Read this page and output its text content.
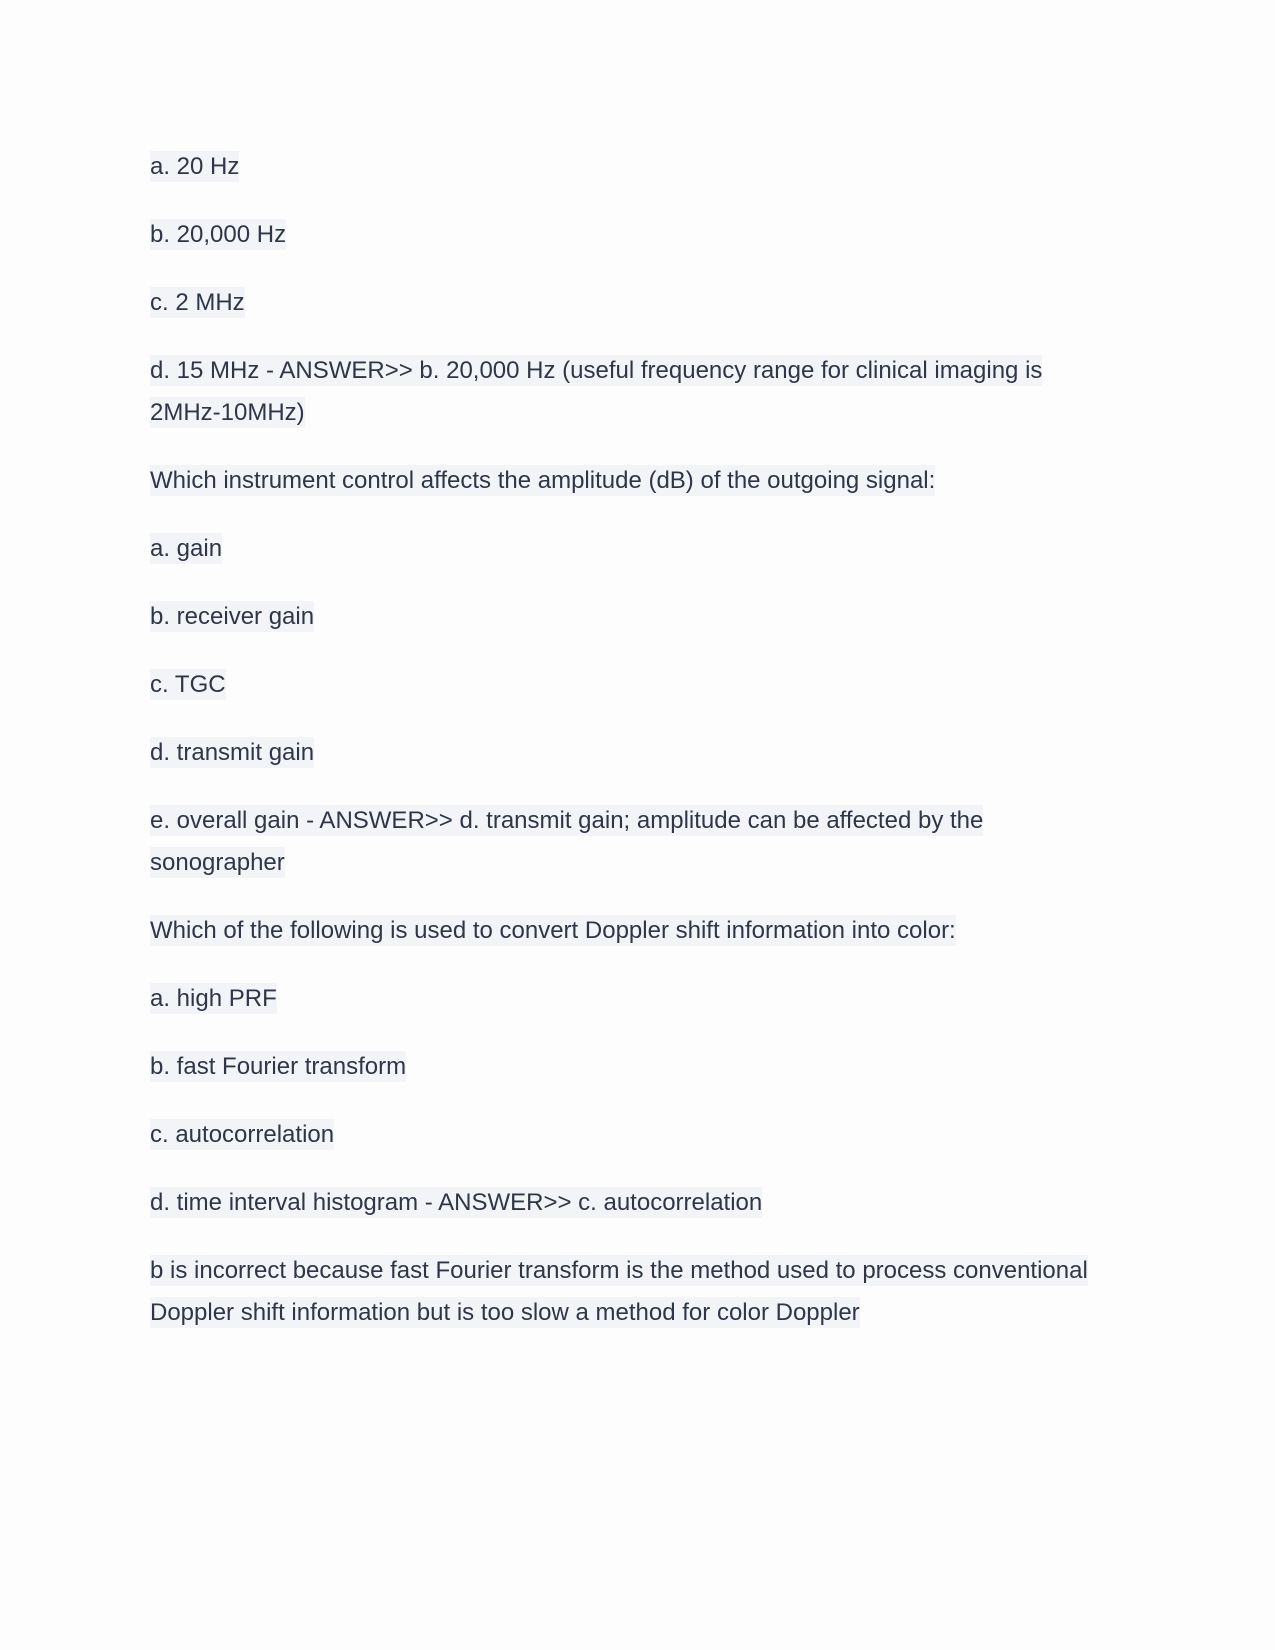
a. 20 Hz

b. 20,000 Hz

c. 2 MHz

d. 15 MHz - ANSWER>> b. 20,000 Hz (useful frequency range for clinical imaging is 2MHz-10MHz)

Which instrument control affects the amplitude (dB) of the outgoing signal:

a. gain

b. receiver gain

c. TGC

d. transmit gain

e. overall gain - ANSWER>> d. transmit gain; amplitude can be affected by the sonographer

Which of the following is used to convert Doppler shift information into color:

a. high PRF

b. fast Fourier transform

c. autocorrelation

d. time interval histogram - ANSWER>> c. autocorrelation

b is incorrect because fast Fourier transform is the method used to process conventional Doppler shift information but is too slow a method for color Doppler
